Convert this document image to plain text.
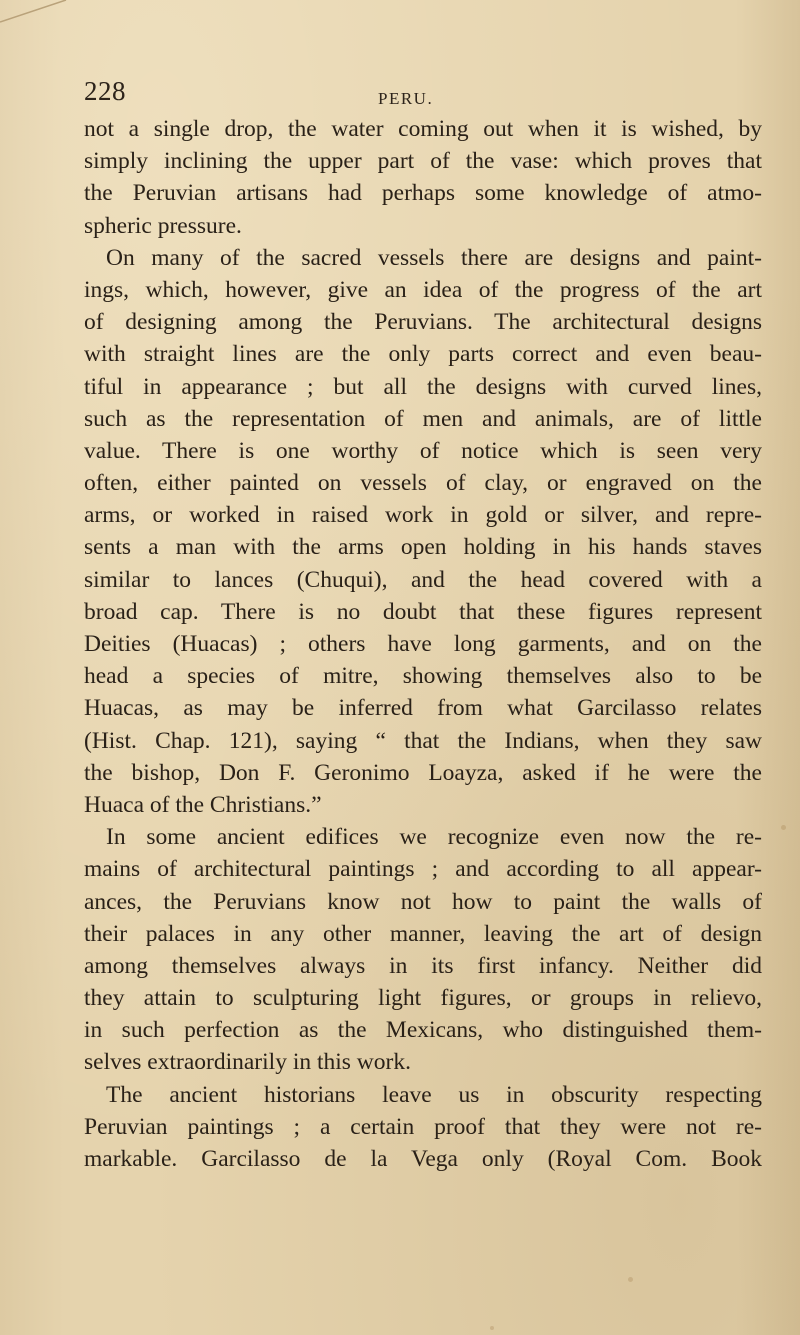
228	PERU.
not a single drop, the water coming out when it is wished, by
simply inclining the upper part of the vase: which proves that
the Peruvian artisans had perhaps some knowledge of atmo-
spheric pressure.
On many of the sacred vessels there are designs and paint-
ings, which, however, give an idea of the progress of the art
of designing among the Peruvians. The architectural designs
with straight lines are the only parts correct and even beau-
tiful in appearance ; but all the designs with curved lines,
such as the representation of men and animals, are of little
value. There is one worthy of notice which is seen very
often, either painted on vessels of clay, or engraved on the
arms, or worked in raised work in gold or silver, and repre-
sents a man with the arms open holding in his hands staves
similar to lances (Chuqui), and the head covered with a
broad cap. There is no doubt that these figures represent
Deities (Huacas) ; others have long garments, and on the
head a species of mitre, showing themselves also to be
Huacas, as may be inferred from what Garcilasso relates
(Hist. Chap. 121), saying “ that the Indians, when they saw
the bishop, Don F. Geronimo Loayza, asked if he were the
Huaca of the Christians.”
In some ancient edifices we recognize even now the re-
mains of architectural paintings ; and according to all appear-
ances, the Peruvians know not how to paint the walls of
their palaces in any other manner, leaving the art of design
among themselves always in its first infancy. Neither did
they attain to sculpturing light figures, or groups in relievo,
in such perfection as the Mexicans, who distinguished them-
selves extraordinarily in this work.
The ancient historians leave us in obscurity respecting
Peruvian paintings ; a certain proof that they were not re-
markable. Garcilasso de la Vega only (Royal Com. Book
